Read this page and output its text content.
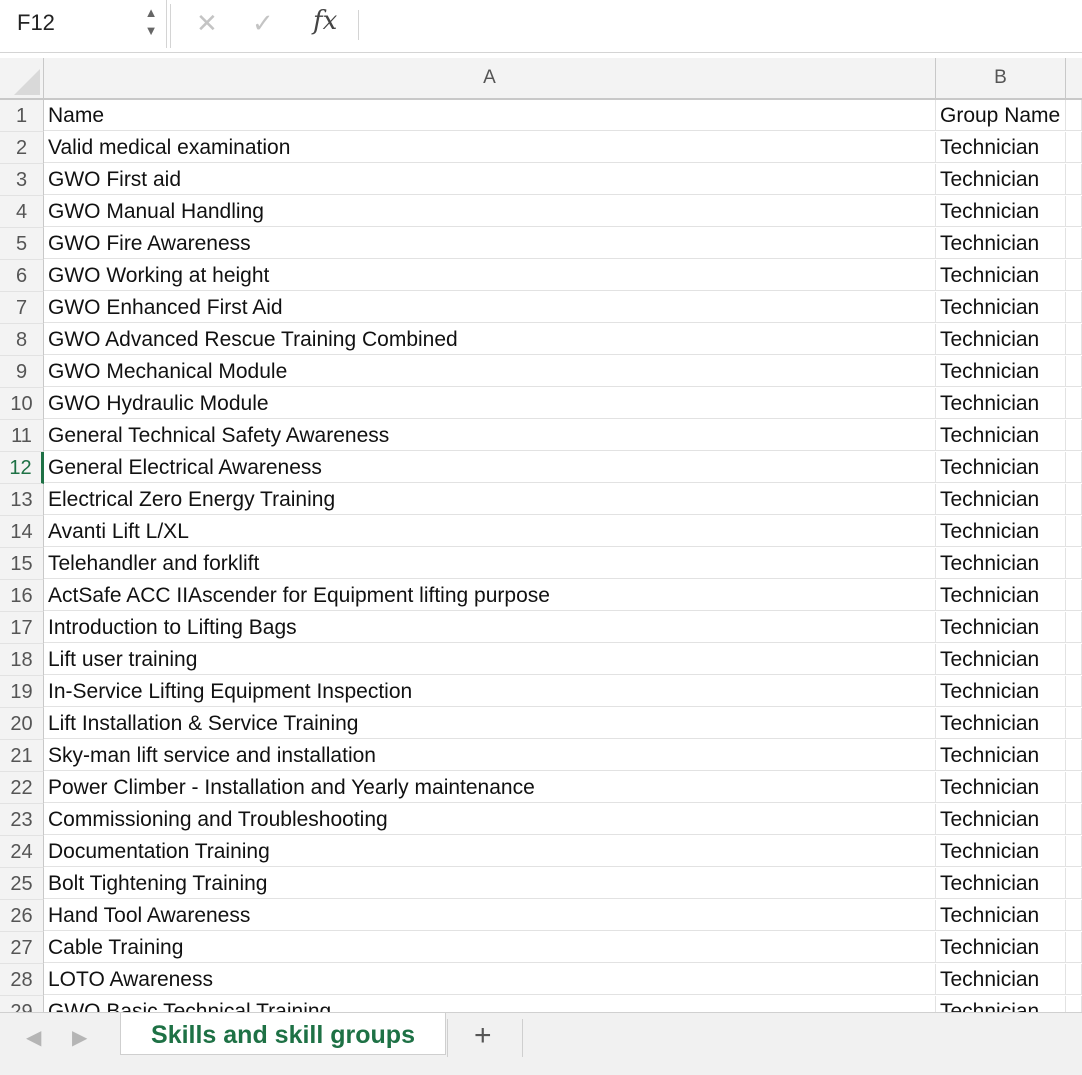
F12	▲
▼ ✕ ✓ fx
A	B
1 Name	Group Name
2 Valid medical examination	Technician
3 GWO First aid	Technician
4 GWO Manual Handling	Technician
5 GWO Fire Awareness	Technician
6 GWO Working at height	Technician
7 GWO Enhanced First Aid	Technician
8 GWO Advanced Rescue Training Combined	Technician
9 GWO Mechanical Module	Technician
10 GWO Hydraulic Module	Technician
11 General Technical Safety Awareness	Technician
12 General Electrical Awareness	Technician
13 Electrical Zero Energy Training	Technician
14 Avanti Lift L/XL	Technician
15 Telehandler and forklift	Technician
16 ActSafe ACC IIAscender for Equipment lifting purpose	Technician
17 Introduction to Lifting Bags	Technician
18 Lift user training	Technician
19 In-Service Lifting Equipment Inspection	Technician
20 Lift Installation & Service Training	Technician
21 Sky-man lift service and installation	Technician
22 Power Climber - Installation and Yearly maintenance	Technician
23 Commissioning and Troubleshooting	Technician
24 Documentation Training	Technician
25 Bolt Tightening Training	Technician
26 Hand Tool Awareness	Technician
27 Cable Training	Technician
28 LOTO Awareness	Technician
◀ ▶	Skills and skill groups	+
